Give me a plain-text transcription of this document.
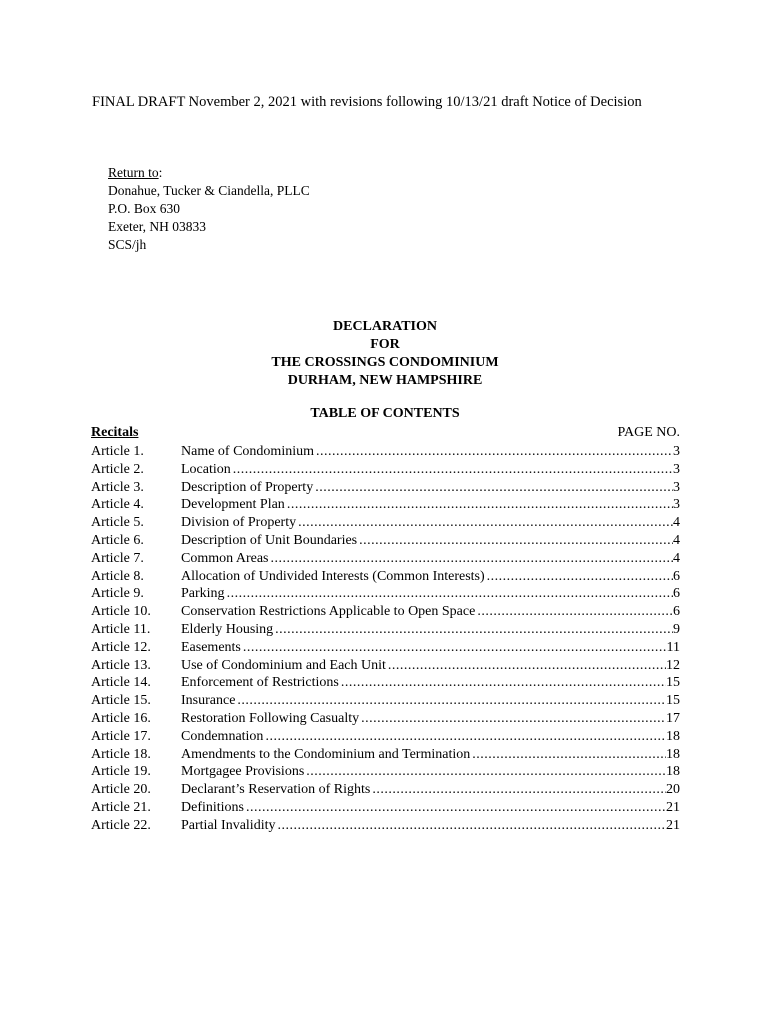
FINAL DRAFT November 2, 2021 with revisions following 10/13/21 draft Notice of Decision
Return to:
Donahue, Tucker & Ciandella, PLLC
P.O. Box 630
Exeter, NH 03833
SCS/jh
DECLARATION
FOR
THE CROSSINGS CONDOMINIUM
DURHAM, NEW HAMPSHIRE
TABLE OF CONTENTS
Recitals	PAGE NO.
Article 1.	Name of Condominium .....	3
Article 2.	Location .....	3
Article 3.	Description of Property .....	3
Article 4.	Development Plan .....	3
Article 5.	Division of Property .....	4
Article 6.	Description of Unit Boundaries .....	4
Article 7.	Common Areas .....	4
Article 8.	Allocation of Undivided Interests (Common Interests) .....	6
Article 9.	Parking .....	6
Article 10.	Conservation Restrictions Applicable to Open Space .....	6
Article 11.	Elderly Housing .....	9
Article 12.	Easements .....	11
Article 13.	Use of Condominium and Each Unit .....	12
Article 14.	Enforcement of Restrictions .....	15
Article 15.	Insurance .....	15
Article 16.	Restoration Following Casualty .....	17
Article 17.	Condemnation .....	18
Article 18.	Amendments to the Condominium and Termination .....	18
Article 19.	Mortgagee Provisions .....	18
Article 20.	Declarant’s Reservation of Rights .....	20
Article 21.	Definitions .....	21
Article 22.	Partial Invalidity .....	21
